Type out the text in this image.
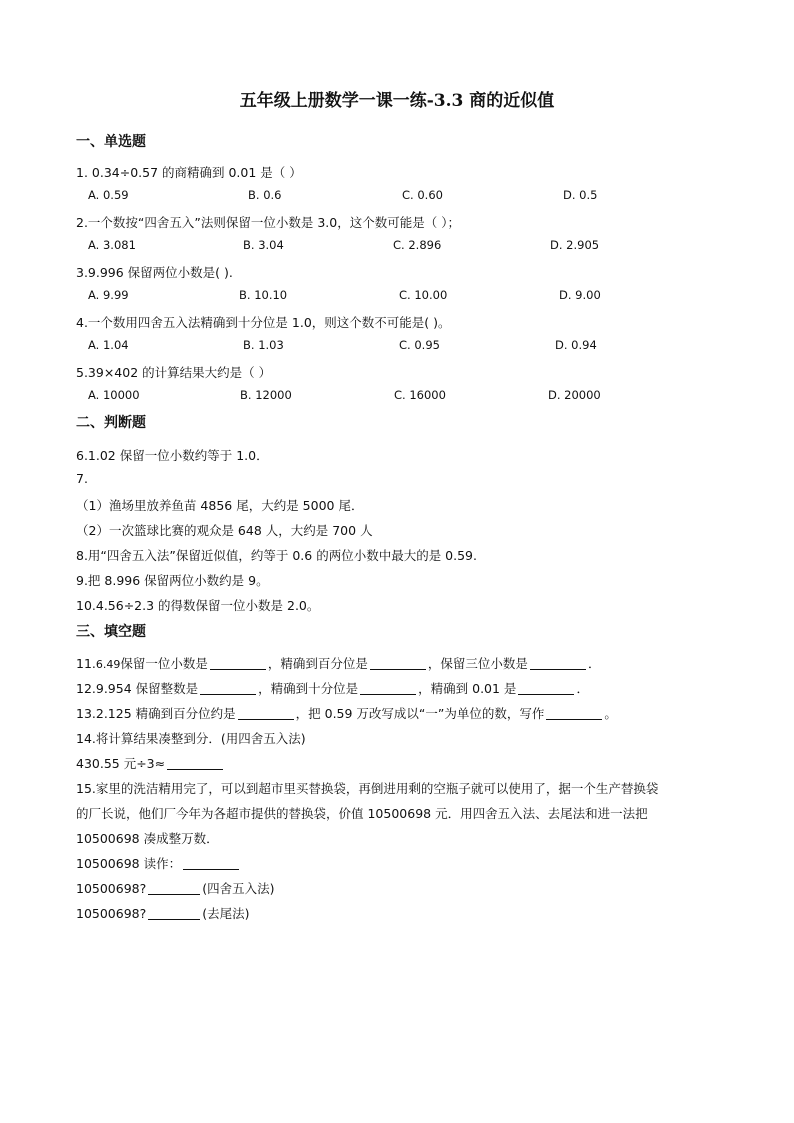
五年级上册数学一课一练-3.3 商的近似值
一、单选题
1. 0.34÷0.57 的商精确到 0.01 是（ ）
A. 0.59	B. 0.6	C. 0.60	D. 0.5
2.一个数按“四舍五入”法则保留一位小数是 3.0，这个数可能是（ ）；
A. 3.081	B. 3.04	C. 2.896	D. 2.905
3.9.996 保留两位小数是( ).
A. 9.99	B. 10.10	C. 10.00	D. 9.00
4.一个数用四舍五入法精确到十分位是 1.0，则这个数不可能是( )。
A. 1.04	B. 1.03	C. 0.95	D. 0.94
5.39×402 的计算结果大约是（ ）
A. 10000	B. 12000	C. 16000	D. 20000
二、判断题
6.1.02 保留一位小数约等于 1.0．
7.
（1）渔场里放养鱼苗 4856 尾，大约是 5000 尾．
（2）一次篮球比赛的观众是 648 人，大约是 700 人
8.用“四舍五入法”保留近似值，约等于 0.6 的两位小数中最大的是 0.59.
9.把 8.996 保留两位小数约是 9。
10.4.56÷2.3 的得数保留一位小数是 2.0。
三、填空题
11.6.49保留一位小数是	，精确到百分位是	，保留三位小数是	．
12.9.954 保留整数是	，精确到十分位是	，精确到 0.01 是	．
13.2.125 精确到百分位约是	，把 0.59 万改写成以“一”为单位的数，写作	。
14.将计算结果凑整到分．(用四舍五入法)
430.55 元÷3≈
15.家里的洗洁精用完了，可以到超市里买替换袋，再倒进用剩的空瓶子就可以使用了，据一个生产替换袋
的厂长说，他们厂今年为各超市提供的替换袋，价值 10500698 元．用四舍五入法、去尾法和进一法把
10500698 凑成整万数．
10500698 读作：
10500698?	(四舍五入法)
10500698?	(去尾法)
